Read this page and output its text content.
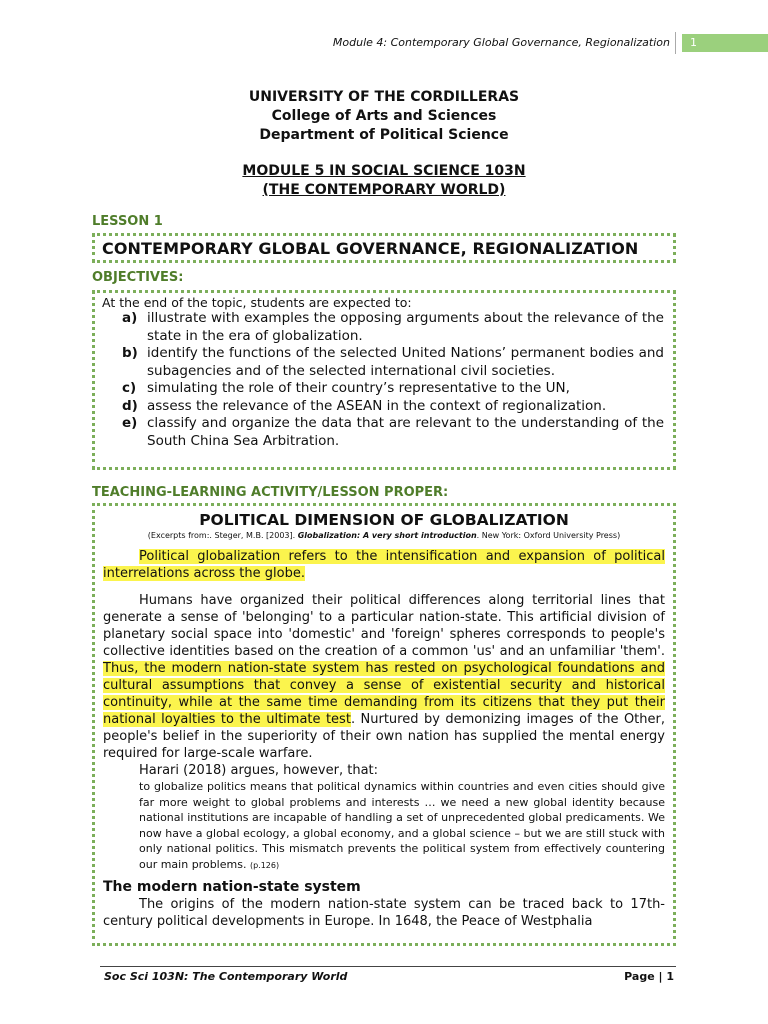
Module 4: Contemporary Global Governance, Regionalization	1
UNIVERSITY OF THE CORDILLERAS
College of Arts and Sciences
Department of Political Science
MODULE 5 IN SOCIAL SCIENCE 103N
(THE CONTEMPORARY WORLD)
LESSON 1
CONTEMPORARY GLOBAL GOVERNANCE, REGIONALIZATION
OBJECTIVES:
At the end of the topic, students are expected to:
a) illustrate with examples the opposing arguments about the relevance of the state in the era of globalization.
b) identify the functions of the selected United Nations’ permanent bodies and subagencies and of the selected international civil societies.
c) simulating the role of their country’s representative to the UN,
d) assess the relevance of the ASEAN in the context of regionalization.
e) classify and organize the data that are relevant to the understanding of the South China Sea Arbitration.
TEACHING-LEARNING ACTIVITY/LESSON PROPER:
POLITICAL DIMENSION OF GLOBALIZATION
(Excerpts from:. Steger, M.B. [2003]. Globalization: A very short introduction. New York: Oxford University Press)

Political globalization refers to the intensification and expansion of political interrelations across the globe.

Humans have organized their political differences along territorial lines that generate a sense of 'belonging' to a particular nation-state. This artificial division of planetary social space into 'domestic' and 'foreign' spheres corresponds to people's collective identities based on the creation of a common 'us' and an unfamiliar 'them'. Thus, the modern nation-state system has rested on psychological foundations and cultural assumptions that convey a sense of existential security and historical continuity, while at the same time demanding from its citizens that they put their national loyalties to the ultimate test. Nurtured by demonizing images of the Other, people's belief in the superiority of their own nation has supplied the mental energy required for large-scale warfare.

Harari (2018) argues, however, that:
to globalize politics means that political dynamics within countries and even cities should give far more weight to global problems and interests … we need a new global identity because national institutions are incapable of handling a set of unprecedented global predicaments. We now have a global ecology, a global economy, and a global science – but we are still stuck with only national politics. This mismatch prevents the political system from effectively countering our main problems. (p.126)
The modern nation-state system

The origins of the modern nation-state system can be traced back to 17th-century political developments in Europe. In 1648, the Peace of Westphalia

Soc Sci 103N: The Contemporary World	Page | 1
